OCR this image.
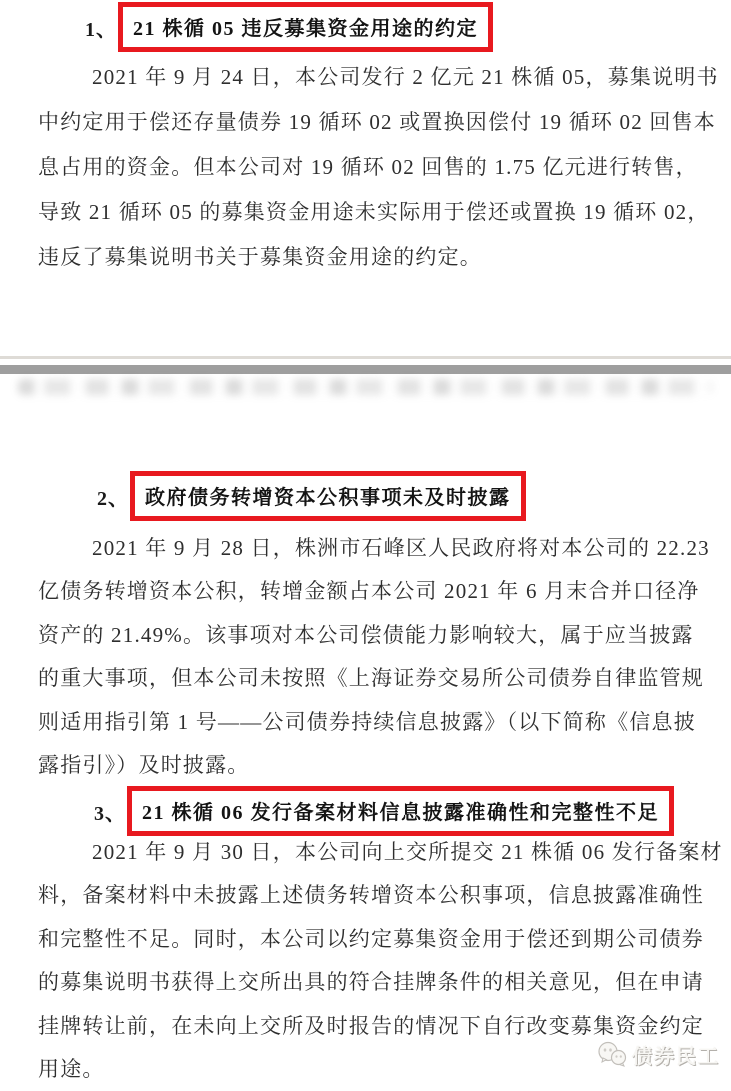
1、 21 株循 05 违反募集资金用途的约定
2021 年 9 月 24 日，本公司发行 2 亿元 21 株循 05，募集说明书
中约定用于偿还存量债券 19 循环 02 或置换因偿付 19 循环 02 回售本
息占用的资金。但本公司对 19 循环 02 回售的 1.75 亿元进行转售，
导致 21 循环 05 的募集资金用途未实际用于偿还或置换 19 循环 02，
违反了募集说明书关于募集资金用途的约定。
2、 政府债务转增资本公积事项未及时披露
2021 年 9 月 28 日，株洲市石峰区人民政府将对本公司的 22.23
亿债务转增资本公积，转增金额占本公司 2021 年 6 月末合并口径净
资产的 21.49%。该事项对本公司偿债能力影响较大，属于应当披露
的重大事项，但本公司未按照《上海证券交易所公司债券自律监管规
则适用指引第 1 号——公司债券持续信息披露》（以下简称《信息披
露指引》）及时披露。
3、 21 株循 06 发行备案材料信息披露准确性和完整性不足
2021 年 9 月 30 日，本公司向上交所提交 21 株循 06 发行备案材
料，备案材料中未披露上述债务转增资本公积事项，信息披露准确性
和完整性不足。同时，本公司以约定募集资金用于偿还到期公司债券
的募集说明书获得上交所出具的符合挂牌条件的相关意见，但在申请
挂牌转让前，在未向上交所及时报告的情况下自行改变募集资金约定
用途。	债券民工
